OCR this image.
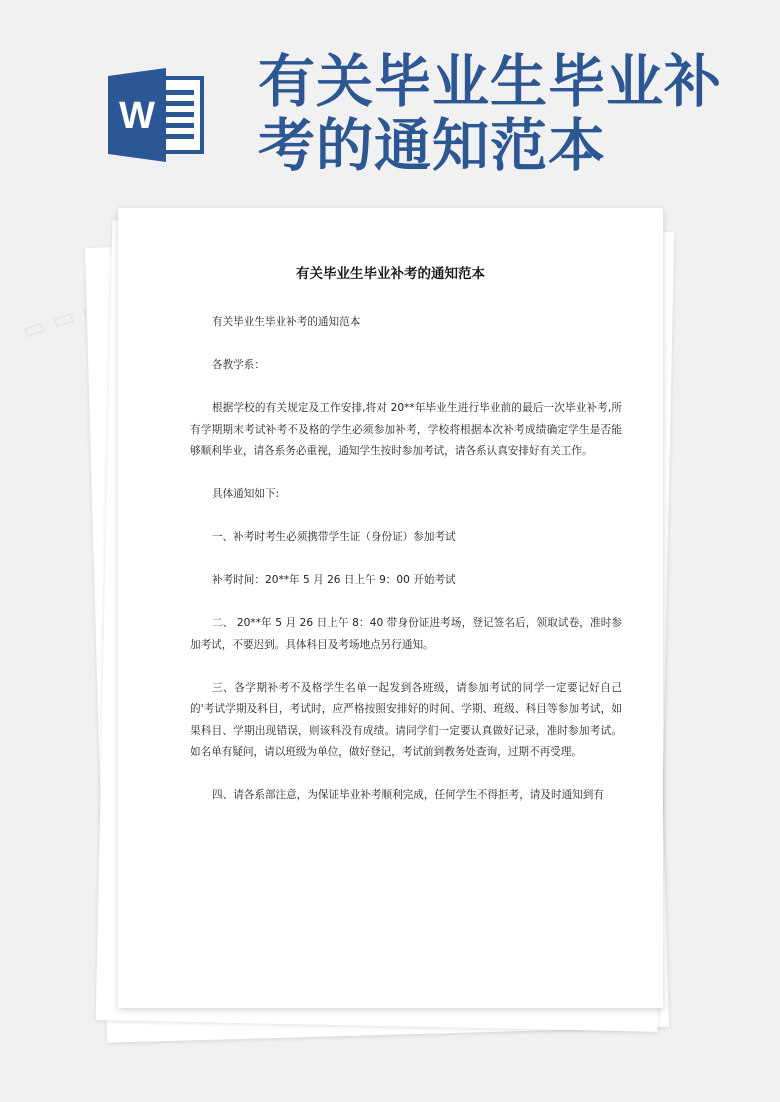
▭ ▭ ▭ ▭
W
有关毕业生毕业补考的通知范本
有关毕业生毕业补考的通知范本

有关毕业生毕业补考的通知范本

各教学系：

根据学校的有关规定及工作安排,将对 20**年毕业生进行毕业前的最后一次毕业补考,所有学期期末考试补考不及格的学生必须参加补考，学校将根据本次补考成绩确定学生是否能够顺利毕业，请各系务必重视，通知学生按时参加考试，请各系认真安排好有关工作。

具体通知如下:

一、补考时考生必须携带学生证（身份证）参加考试

补考时间：20**年 5 月 26 日上午 9：00 开始考试

二、 20**年 5 月 26 日上午 8：40 带身份证进考场，登记签名后，领取试卷，准时参加考试，不要迟到。具体科目及考场地点另行通知。

三、各学期补考不及格学生名单一起发到各班级，请参加考试的同学一定要记好自己的'考试学期及科目，考试时，应严格按照安排好的时间、学期、班级、科目等参加考试，如果科目、学期出现错误，则该科没有成绩。请同学们一定要认真做好记录，准时参加考试。如名单有疑问，请以班级为单位，做好登记，考试前到教务处查询，过期不再受理。

四、请各系部注意，为保证毕业补考顺利完成，任何学生不得拒考，请及时通知到有
